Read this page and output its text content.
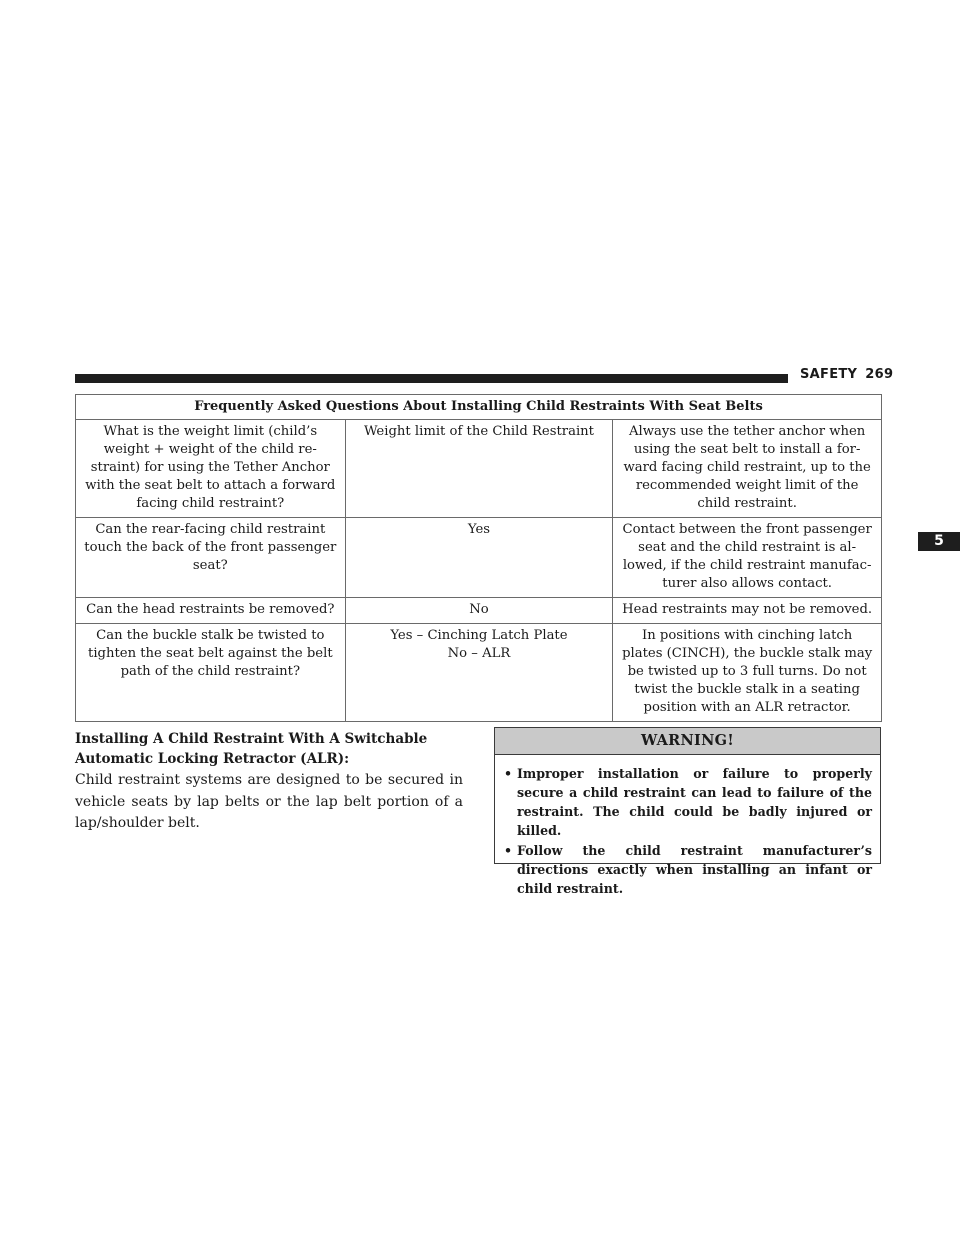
SAFETY 269
5
Frequently Asked Questions About Installing Child Restraints With Seat Belts		
What is the weight limit (child’s
weight + weight of the child re-
straint) for using the Tether Anchor
with the seat belt to attach a forward
facing child restraint?	Weight limit of the Child Restraint	Always use the tether anchor when
using the seat belt to install a for-
ward facing child restraint, up to the
recommended weight limit of the
child restraint.
Can the rear-facing child restraint
touch the back of the front passenger
seat?	Yes	Contact between the front passenger
seat and the child restraint is al-
lowed, if the child restraint manufac-
turer also allows contact.
Can the head restraints be removed?	No	Head restraints may not be removed.
Can the buckle stalk be twisted to
tighten the seat belt against the belt
path of the child restraint?	Yes – Cinching Latch Plate
No – ALR	In positions with cinching latch
plates (CINCH), the buckle stalk may
be twisted up to 3 full turns. Do not
twist the buckle stalk in a seating
position with an ALR retractor.
Installing A Child Restraint With A Switchable
Automatic Locking Retractor (ALR):

Child restraint systems are designed to be secured in vehicle seats by lap belts or the lap belt portion of a lap/shoulder belt.

WARNING!
• Improper installation or failure to properly secure a child restraint can lead to failure of the restraint. The child could be badly injured or killed.
• Follow the child restraint manufacturer’s directions exactly when installing an infant or child restraint.
